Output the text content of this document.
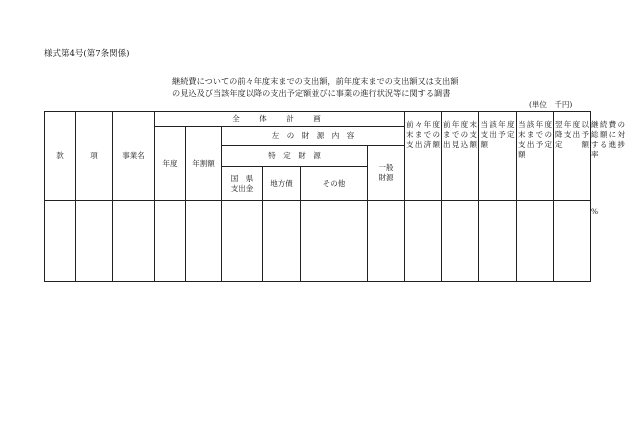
様式第4号(第7条関係)
継続費についての前々年度末までの支出額，前年度末までの支出額又は支出額
の見込及び当該年度以降の支出予定額並びに事業の進行状況等に関する調書
(単位　千円)
款	項	事業名	全　体　計　画						前々年度末までの支出済額	前年度末までの支出見込額	当該年度支出予定額	当該年度末までの支出予定額	翌年度以降支出予定額	継続費の総額に対する進捗率
			年度	年割額	左　の　財　源　内　容									
					特　定　財　源			一般
財源						
					国　県
支出金	地方債	その他							
														%
